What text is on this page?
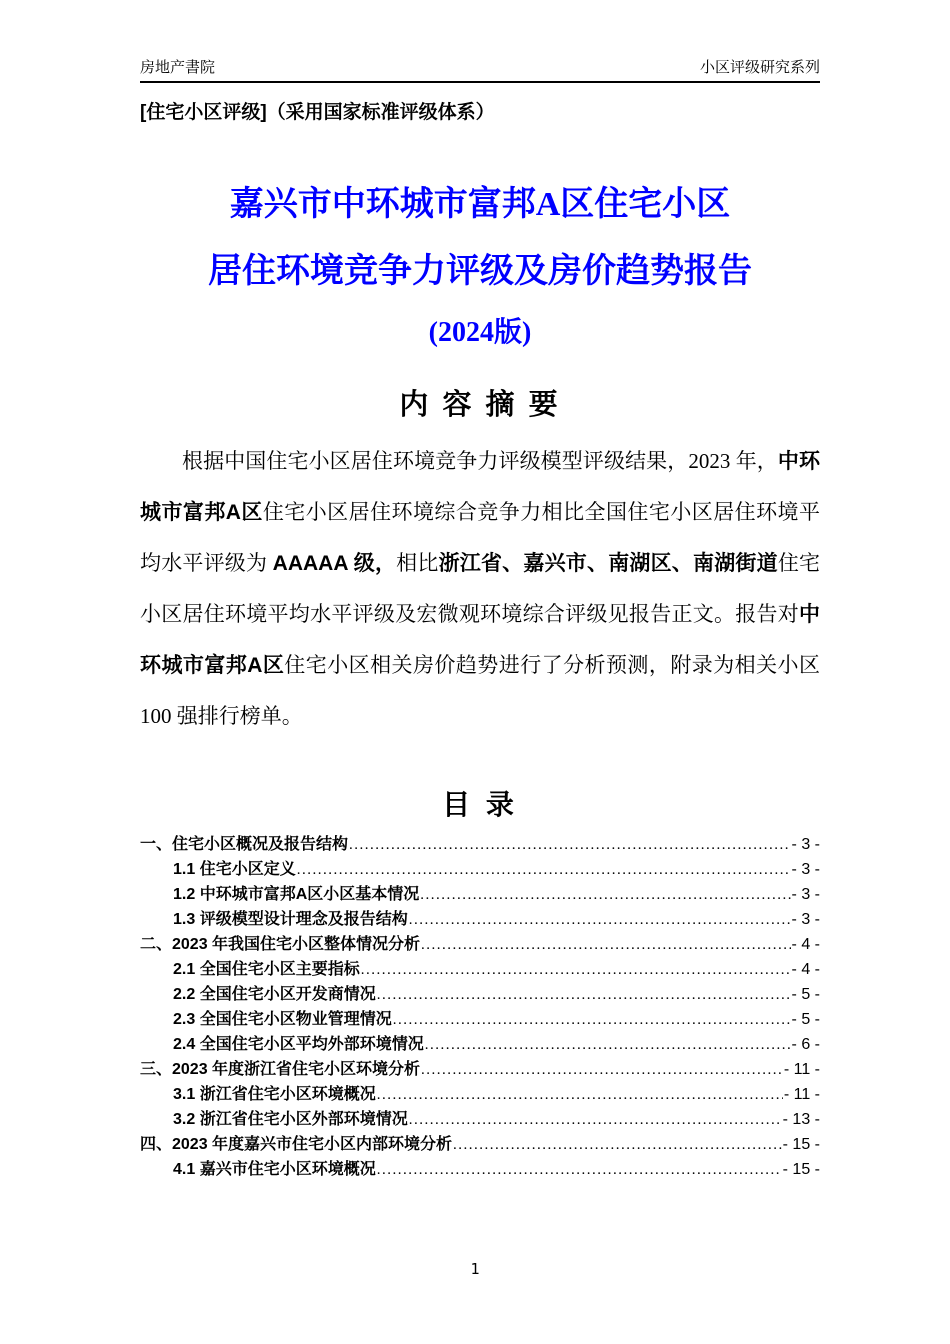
房地产書院	小区评级研究系列
[住宅小区评级]（采用国家标准评级体系）
嘉兴市中环城市富邦A区住宅小区
居住环境竞争力评级及房价趋势报告
(2024版)
内 容 摘 要
根据中国住宅小区居住环境竞争力评级模型评级结果，2023 年，中环城市富邦A区住宅小区居住环境综合竞争力相比全国住宅小区居住环境平均水平评级为 AAAAA 级，相比浙江省、嘉兴市、南湖区、南湖街道住宅小区居住环境平均水平评级及宏微观环境综合评级见报告正文。报告对中环城市富邦A区住宅小区相关房价趋势进行了分析预测，附录为相关小区 100 强排行榜单。
目 录
一、住宅小区概况及报告结构 .....	- 3 -
1.1 住宅小区定义 .....	- 3 -
1.2 中环城市富邦A区小区基本情况 .....	- 3 -
1.3 评级模型设计理念及报告结构 .....	- 3 -
二、2023 年我国住宅小区整体情况分析 .....	- 4 -
2.1 全国住宅小区主要指标 .....	- 4 -
2.2 全国住宅小区开发商情况 .....	- 5 -
2.3 全国住宅小区物业管理情况 .....	- 5 -
2.4 全国住宅小区平均外部环境情况 .....	- 6 -
三、2023 年度浙江省住宅小区环境分析 .....	- 11 -
3.1 浙江省住宅小区环境概况 .....	- 11 -
3.2 浙江省住宅小区外部环境情况 .....	- 13 -
四、2023 年度嘉兴市住宅小区内部环境分析 .....	- 15 -
4.1 嘉兴市住宅小区环境概况 .....	- 15 -
1
